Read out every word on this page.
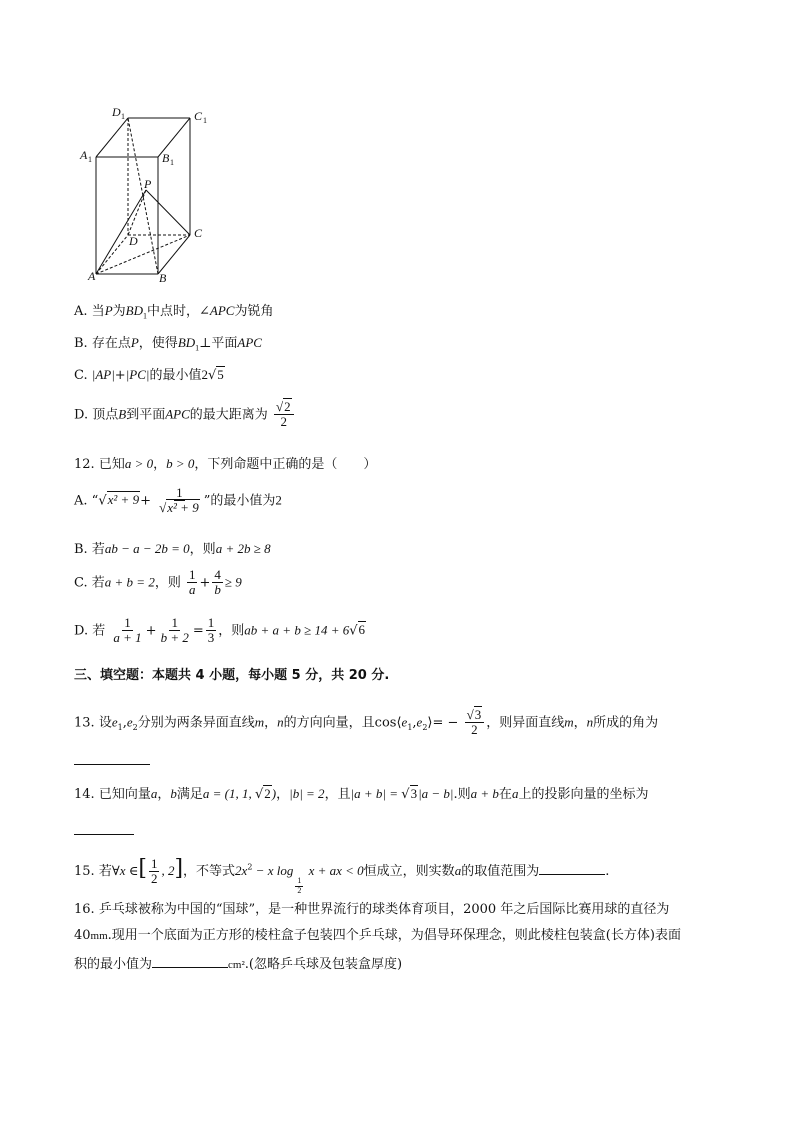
D 1	C 1
A 1	B 1
P
D
C
A	B
A. 当P为$BD_1$中点时，∠APC为锐角
B. 存在点P，使得$BD_1\perp$平面APC
C. |AP|+|PC|的最小值2√5
D. 顶点B到平面APC的最大距离为 $\frac{√2}{2}$
12. 已知a > 0，b > 0，下列命题中正确的是（　　）
A. “$√x^2 + 9+ \frac{1}{\text{√x² + 9}}$ ”的最小值为2
B. 若ab − a − 2b = 0，则a + 2b ≥ 8
C. 若a + b = 2，则 $\frac{1}{a} + \frac{4}{b} \ge 9$
D. 若 $\frac{1}{a + 1} + \frac{1}{b + 2} = \frac{1}{3}$ ，则ab + a + b ≥ 14 + 6√6
三、填空题：本题共 4 小题，每小题 5 分，共 20 分.
13. 设$e_1,e_2$分别为两条异面直线m，n的方向向量，且$\cos⟨e_1,e_2⟩= - \frac{√3}{2}$ ，则异面直线m，n所成的角为
14. 已知向量a，b满足a = (1, 1, √2)，|b| = 2，且|a + b| = √3|a − b|.则a + b在a上的投影向量的坐标为
15. 若∀x ∈[ $\frac{1}{2}$ , 2]，不等式$2x^2 - x$ log
$\frac{1}{2}$
x + ax < 0恒成立，则实数a的取值范围为	.
16. 乒乓球被称为中国的“国球”，是一种世界流行的球类体育项目，2000 年之后国际比赛用球的直径为
40mm.现用一个底面为正方形的棱柱盒子包装四个乒乓球，为倡导环保理念，则此棱柱包装盒(长方体)表面
积的最小值为	cm².(忽略乒乓球及包装盒厚度)
